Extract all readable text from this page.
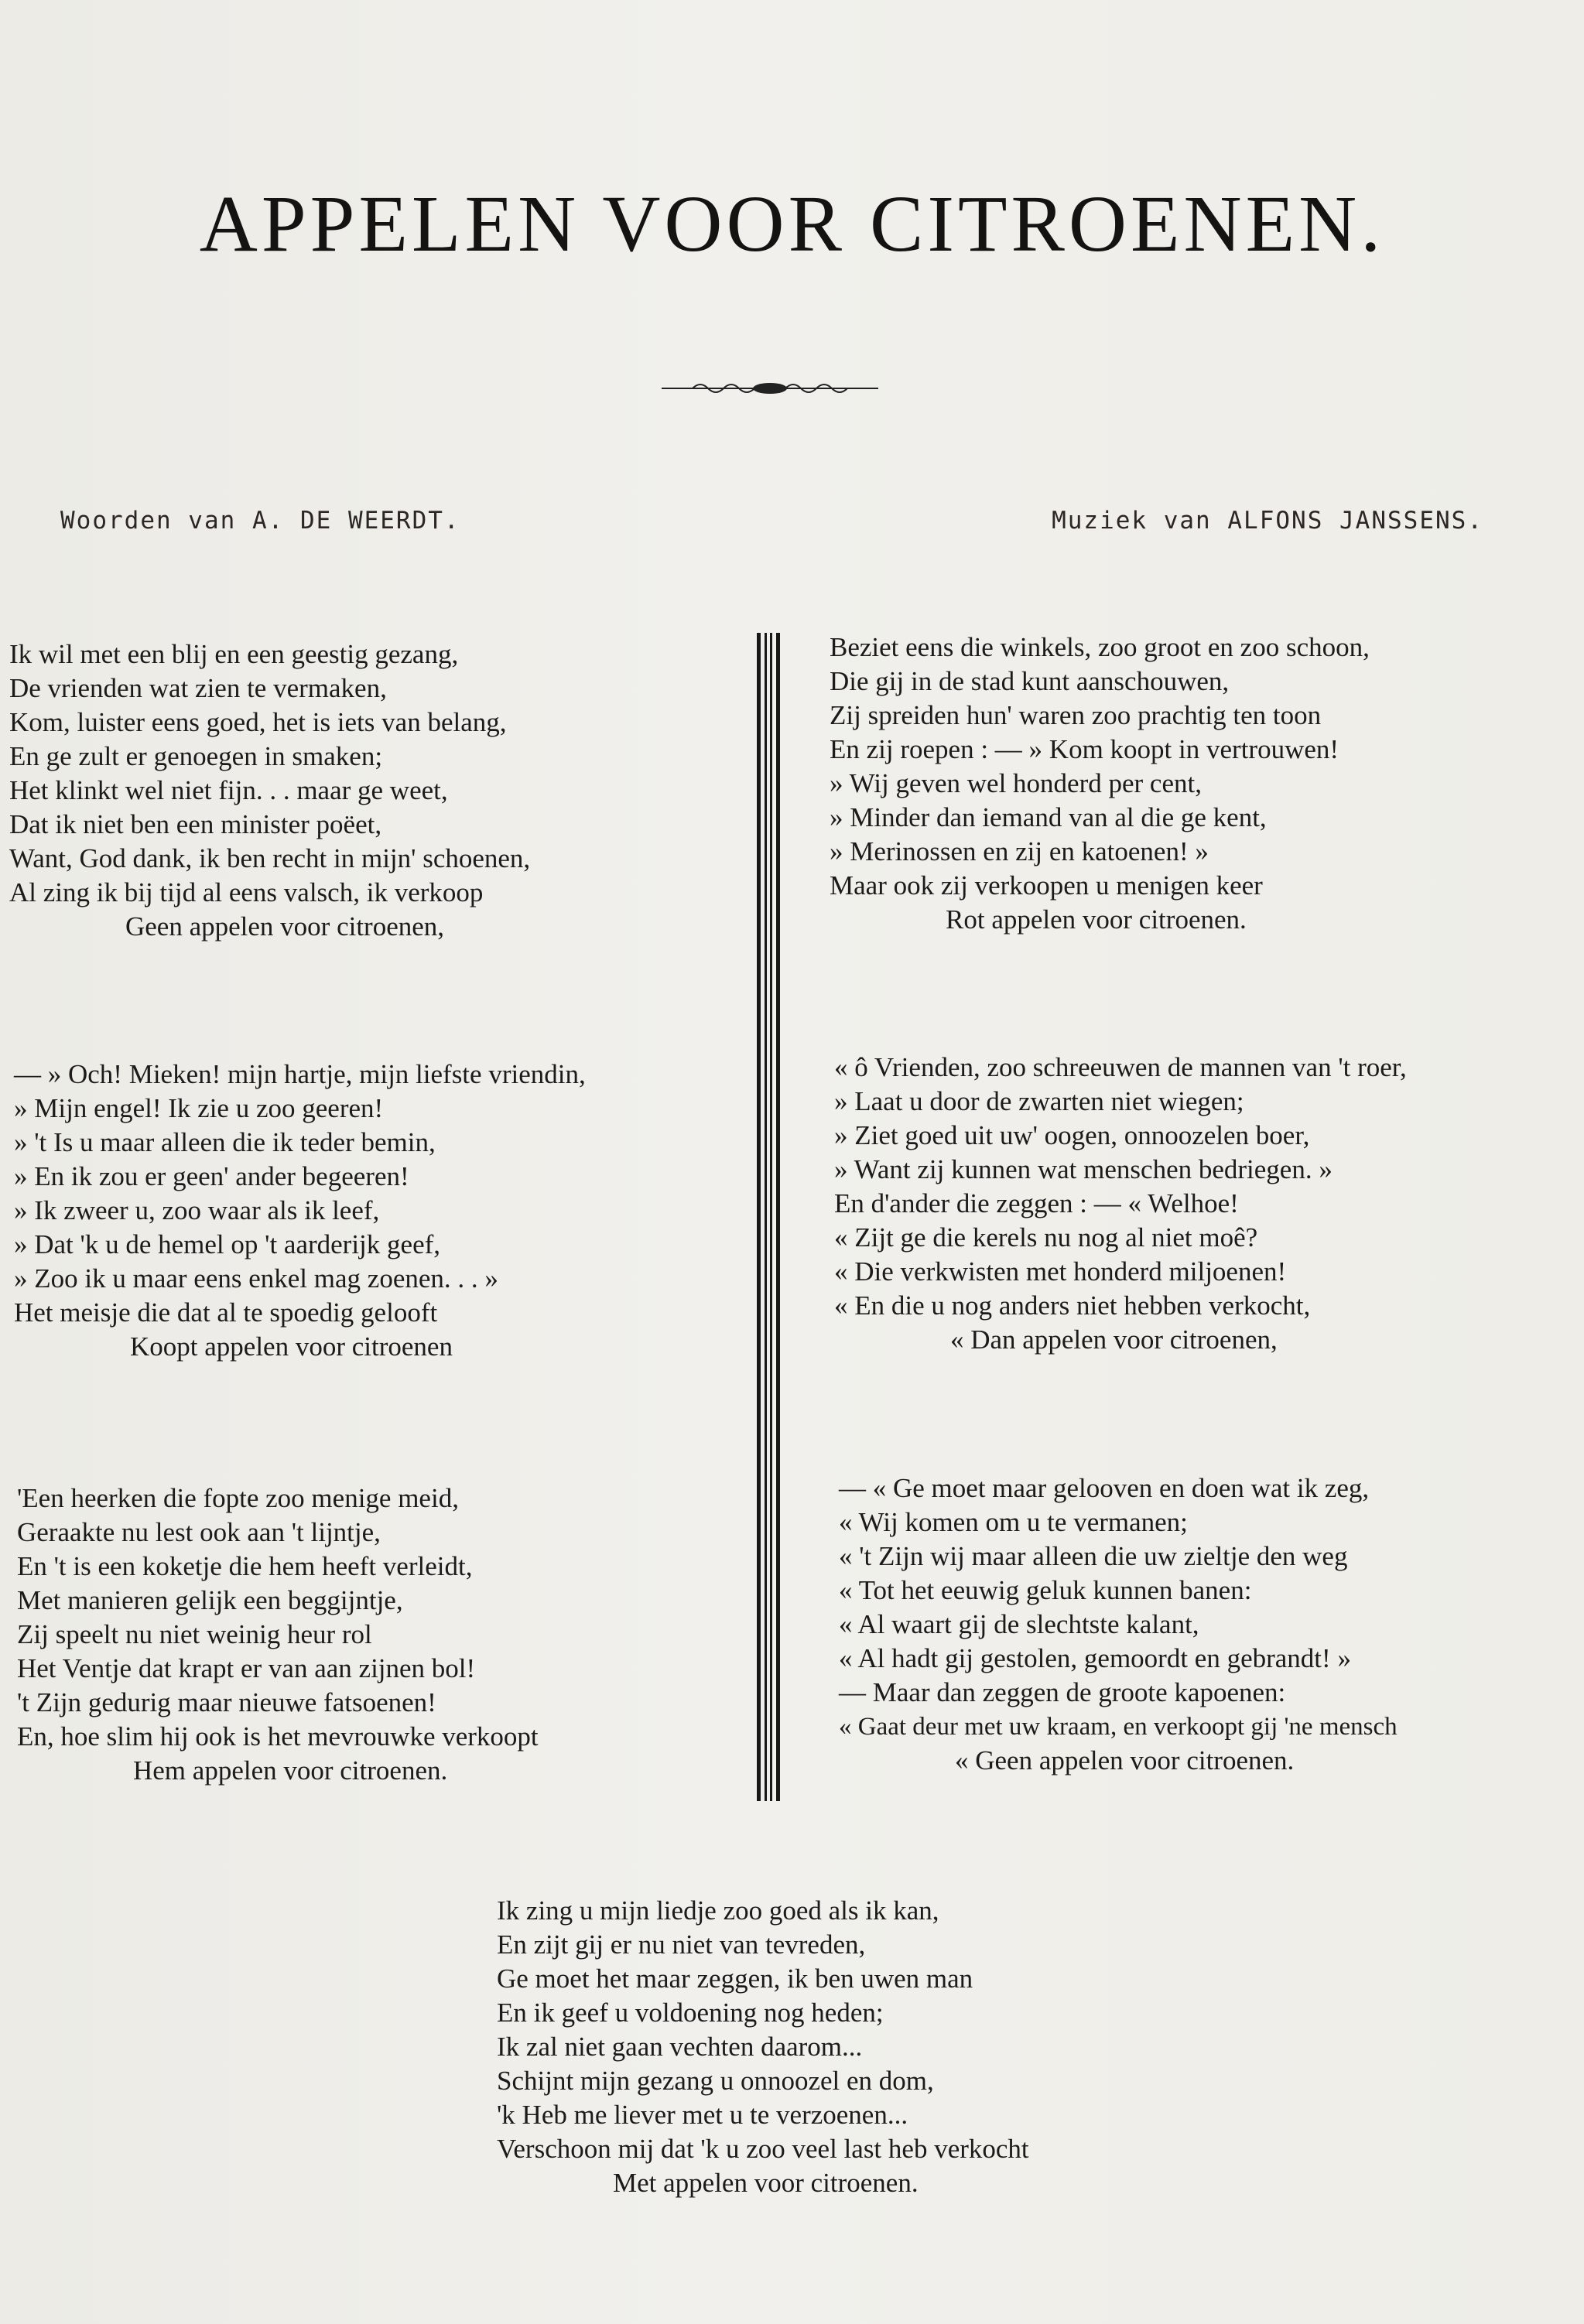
APPELEN VOOR CITROENEN.
Woorden van A. DE WEERDT.	Muziek van ALFONS JANSSENS.
Ik wil met een blij en een geestig gezang,
De vrienden wat zien te vermaken,
Kom, luister eens goed, het is iets van belang,
En ge zult er genoegen in smaken;
Het klinkt wel niet fijn. . . maar ge weet,
Dat ik niet ben een minister poëet,
Want, God dank, ik ben recht in mijn' schoenen,
Al zing ik bij tijd al eens valsch, ik verkoop
Geen appelen voor citroenen,
— » Och! Mieken! mijn hartje, mijn liefste vriendin,
» Mijn engel! Ik zie u zoo geeren!
» 't Is u maar alleen die ik teder bemin,
» En ik zou er geen' ander begeeren!
» Ik zweer u, zoo waar als ik leef,
» Dat 'k u de hemel op 't aarderijk geef,
» Zoo ik u maar eens enkel mag zoenen. . . »
Het meisje die dat al te spoedig gelooft
Koopt appelen voor citroenen
'Een heerken die fopte zoo menige meid,
Geraakte nu lest ook aan 't lijntje,
En 't is een koketje die hem heeft verleidt,
Met manieren gelijk een beggijntje,
Zij speelt nu niet weinig heur rol
Het Ventje dat krapt er van aan zijnen bol!
't Zijn gedurig maar nieuwe fatsoenen!
En, hoe slim hij ook is het mevrouwke verkoopt
Hem appelen voor citroenen.
Beziet eens die winkels, zoo groot en zoo schoon,
Die gij in de stad kunt aanschouwen,
Zij spreiden hun' waren zoo prachtig ten toon
En zij roepen : — » Kom koopt in vertrouwen!
» Wij geven wel honderd per cent,
» Minder dan iemand van al die ge kent,
» Merinossen en zij en katoenen! »
Maar ook zij verkoopen u menigen keer
Rot appelen voor citroenen.
« ô Vrienden, zoo schreeuwen de mannen van 't roer,
» Laat u door de zwarten niet wiegen;
» Ziet goed uit uw' oogen, onnoozelen boer,
» Want zij kunnen wat menschen bedriegen. »
En d'ander die zeggen : — « Welhoe!
« Zijt ge die kerels nu nog al niet moê?
« Die verkwisten met honderd miljoenen!
« En die u nog anders niet hebben verkocht,
« Dan appelen voor citroenen,
— « Ge moet maar gelooven en doen wat ik zeg,
« Wij komen om u te vermanen;
« 't Zijn wij maar alleen die uw zieltje den weg
« Tot het eeuwig geluk kunnen banen:
« Al waart gij de slechtste kalant,
« Al hadt gij gestolen, gemoordt en gebrandt! »
— Maar dan zeggen de groote kapoenen:
« Gaat deur met uw kraam, en verkoopt gij 'ne mensch
« Geen appelen voor citroenen.
Ik zing u mijn liedje zoo goed als ik kan,
En zijt gij er nu niet van tevreden,
Ge moet het maar zeggen, ik ben uwen man
En ik geef u voldoening nog heden;
Ik zal niet gaan vechten daarom...
Schijnt mijn gezang u onnoozel en dom,
'k Heb me liever met u te verzoenen...
Verschoon mij dat 'k u zoo veel last heb verkocht
Met appelen voor citroenen.
